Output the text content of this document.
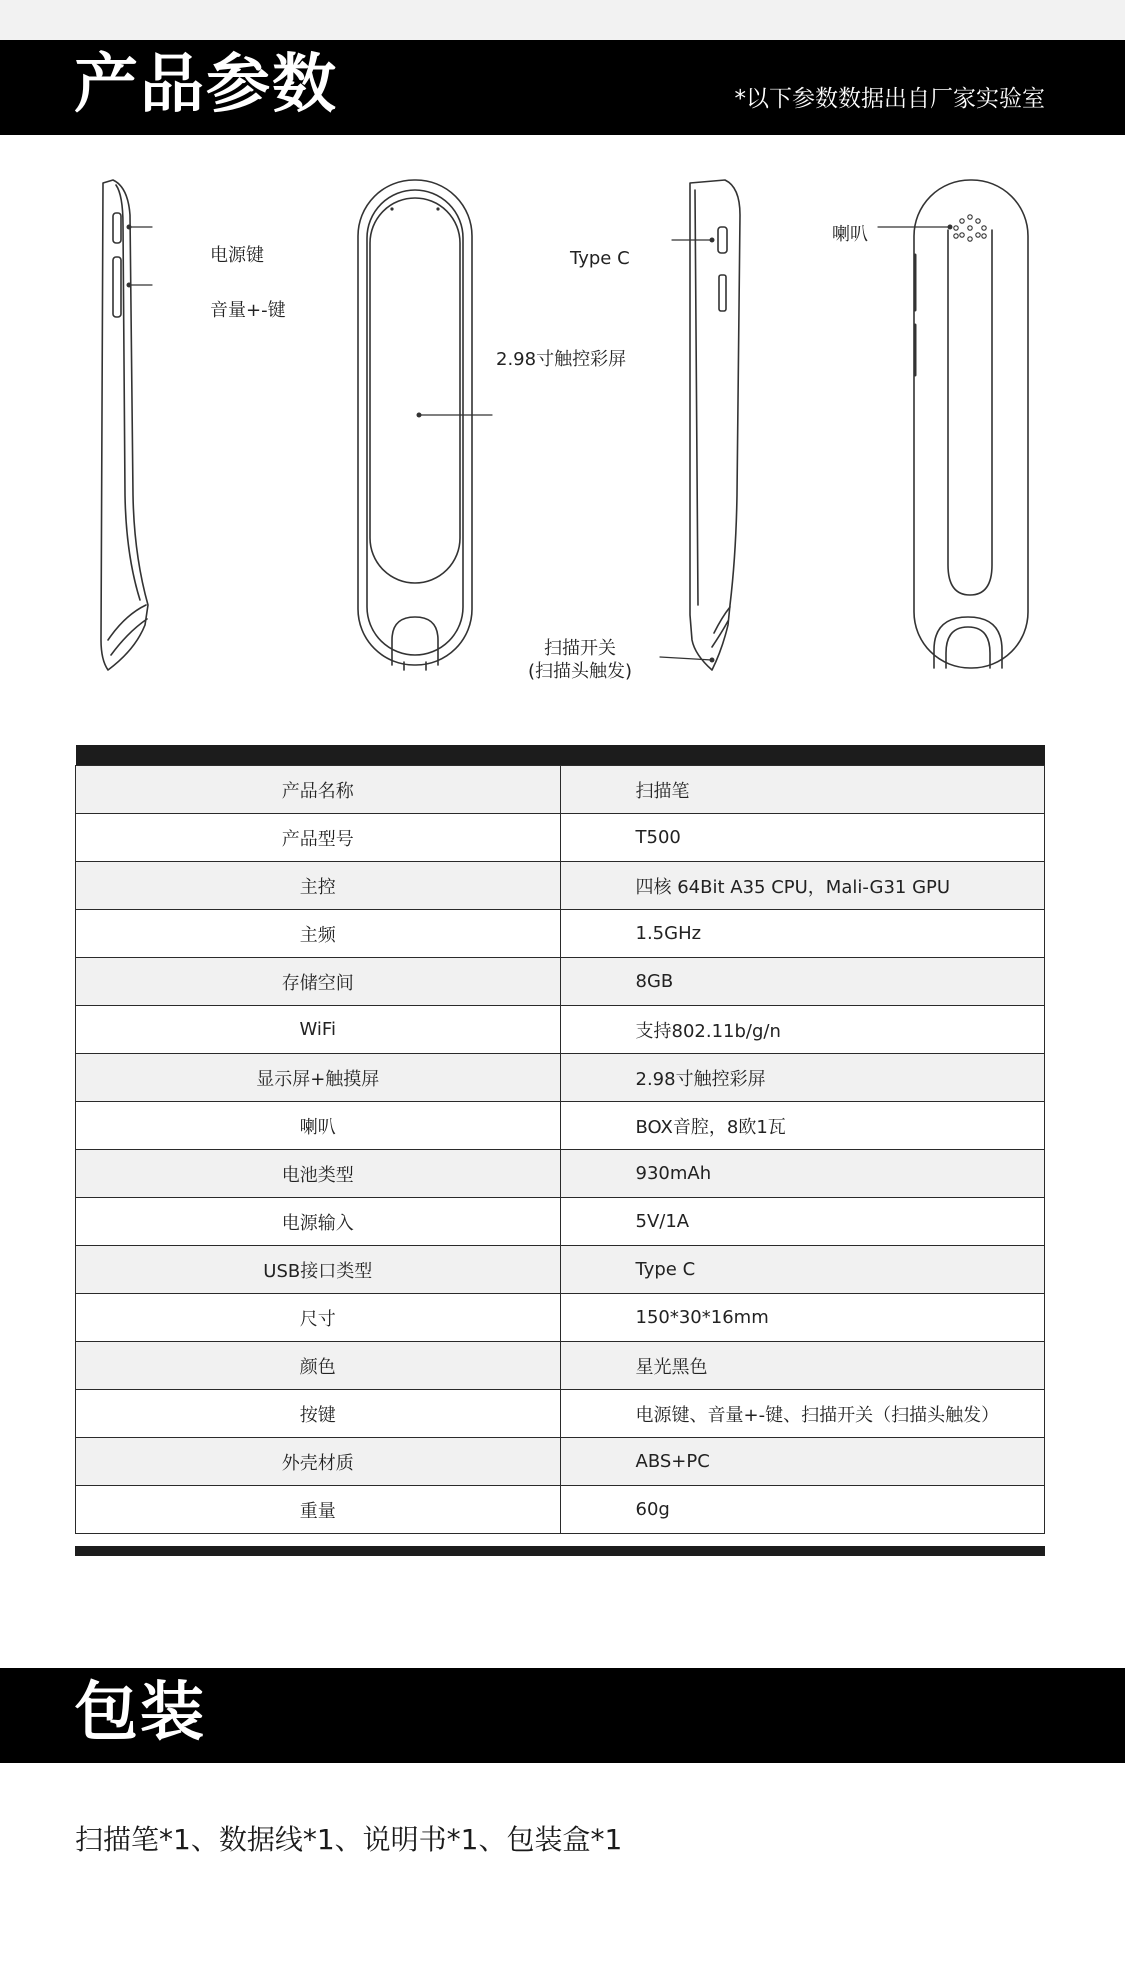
产品参数	*以下参数数据出自厂家实验室
电源键
音量+-键
2.98寸触控彩屏
Type C
扫描开关
(扫描头触发)
喇叭

产品名称	扫描笔
产品型号	T500
主控	四核 64Bit A35 CPU，Mali-G31 GPU
主频	1.5GHz
存储空间	8GB
WiFi	支持802.11b/g/n
显示屏+触摸屏	2.98寸触控彩屏
喇叭	BOX音腔，8欧1瓦
电池类型	930mAh
电源输入	5V/1A
USB接口类型	Type C
尺寸	150*30*16mm
颜色	星光黑色
按键	电源键、音量+-键、扫描开关（扫描头触发）
外壳材质	ABS+PC
重量	60g
包装
扫描笔*1、数据线*1、说明书*1、包装盒*1
